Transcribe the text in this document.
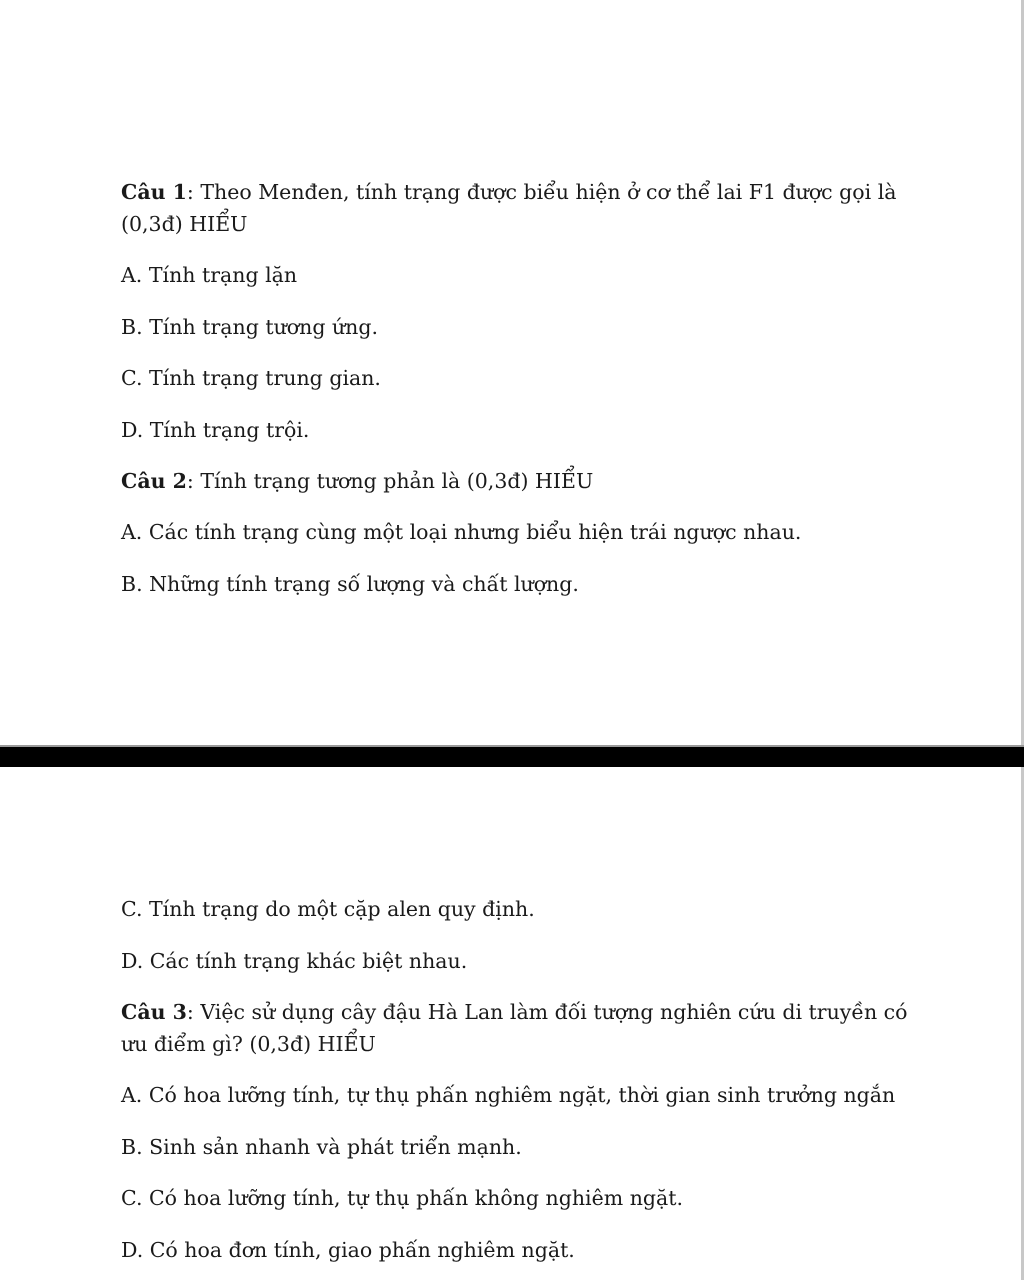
Câu 1: Theo Menđen, tính trạng được biểu hiện ở cơ thể lai F1 được gọi là (0,3đ) HIỂU

A. Tính trạng lặn

B. Tính trạng tương ứng.

C. Tính trạng trung gian.

D. Tính trạng trội.

Câu 2: Tính trạng tương phản là (0,3đ) HIỂU

A. Các tính trạng cùng một loại nhưng biểu hiện trái ngược nhau.

B. Những tính trạng số lượng và chất lượng.

C. Tính trạng do một cặp alen quy định.

D. Các tính trạng khác biệt nhau.

Câu 3: Việc sử dụng cây đậu Hà Lan làm đối tượng nghiên cứu di truyền có ưu điểm gì? (0,3đ) HIỂU

A. Có hoa lưỡng tính, tự thụ phấn nghiêm ngặt, thời gian sinh trưởng ngắn

B. Sinh sản nhanh và phát triển mạnh.

C. Có hoa lưỡng tính, tự thụ phấn không nghiêm ngặt.

D. Có hoa đơn tính, giao phấn nghiêm ngặt.
